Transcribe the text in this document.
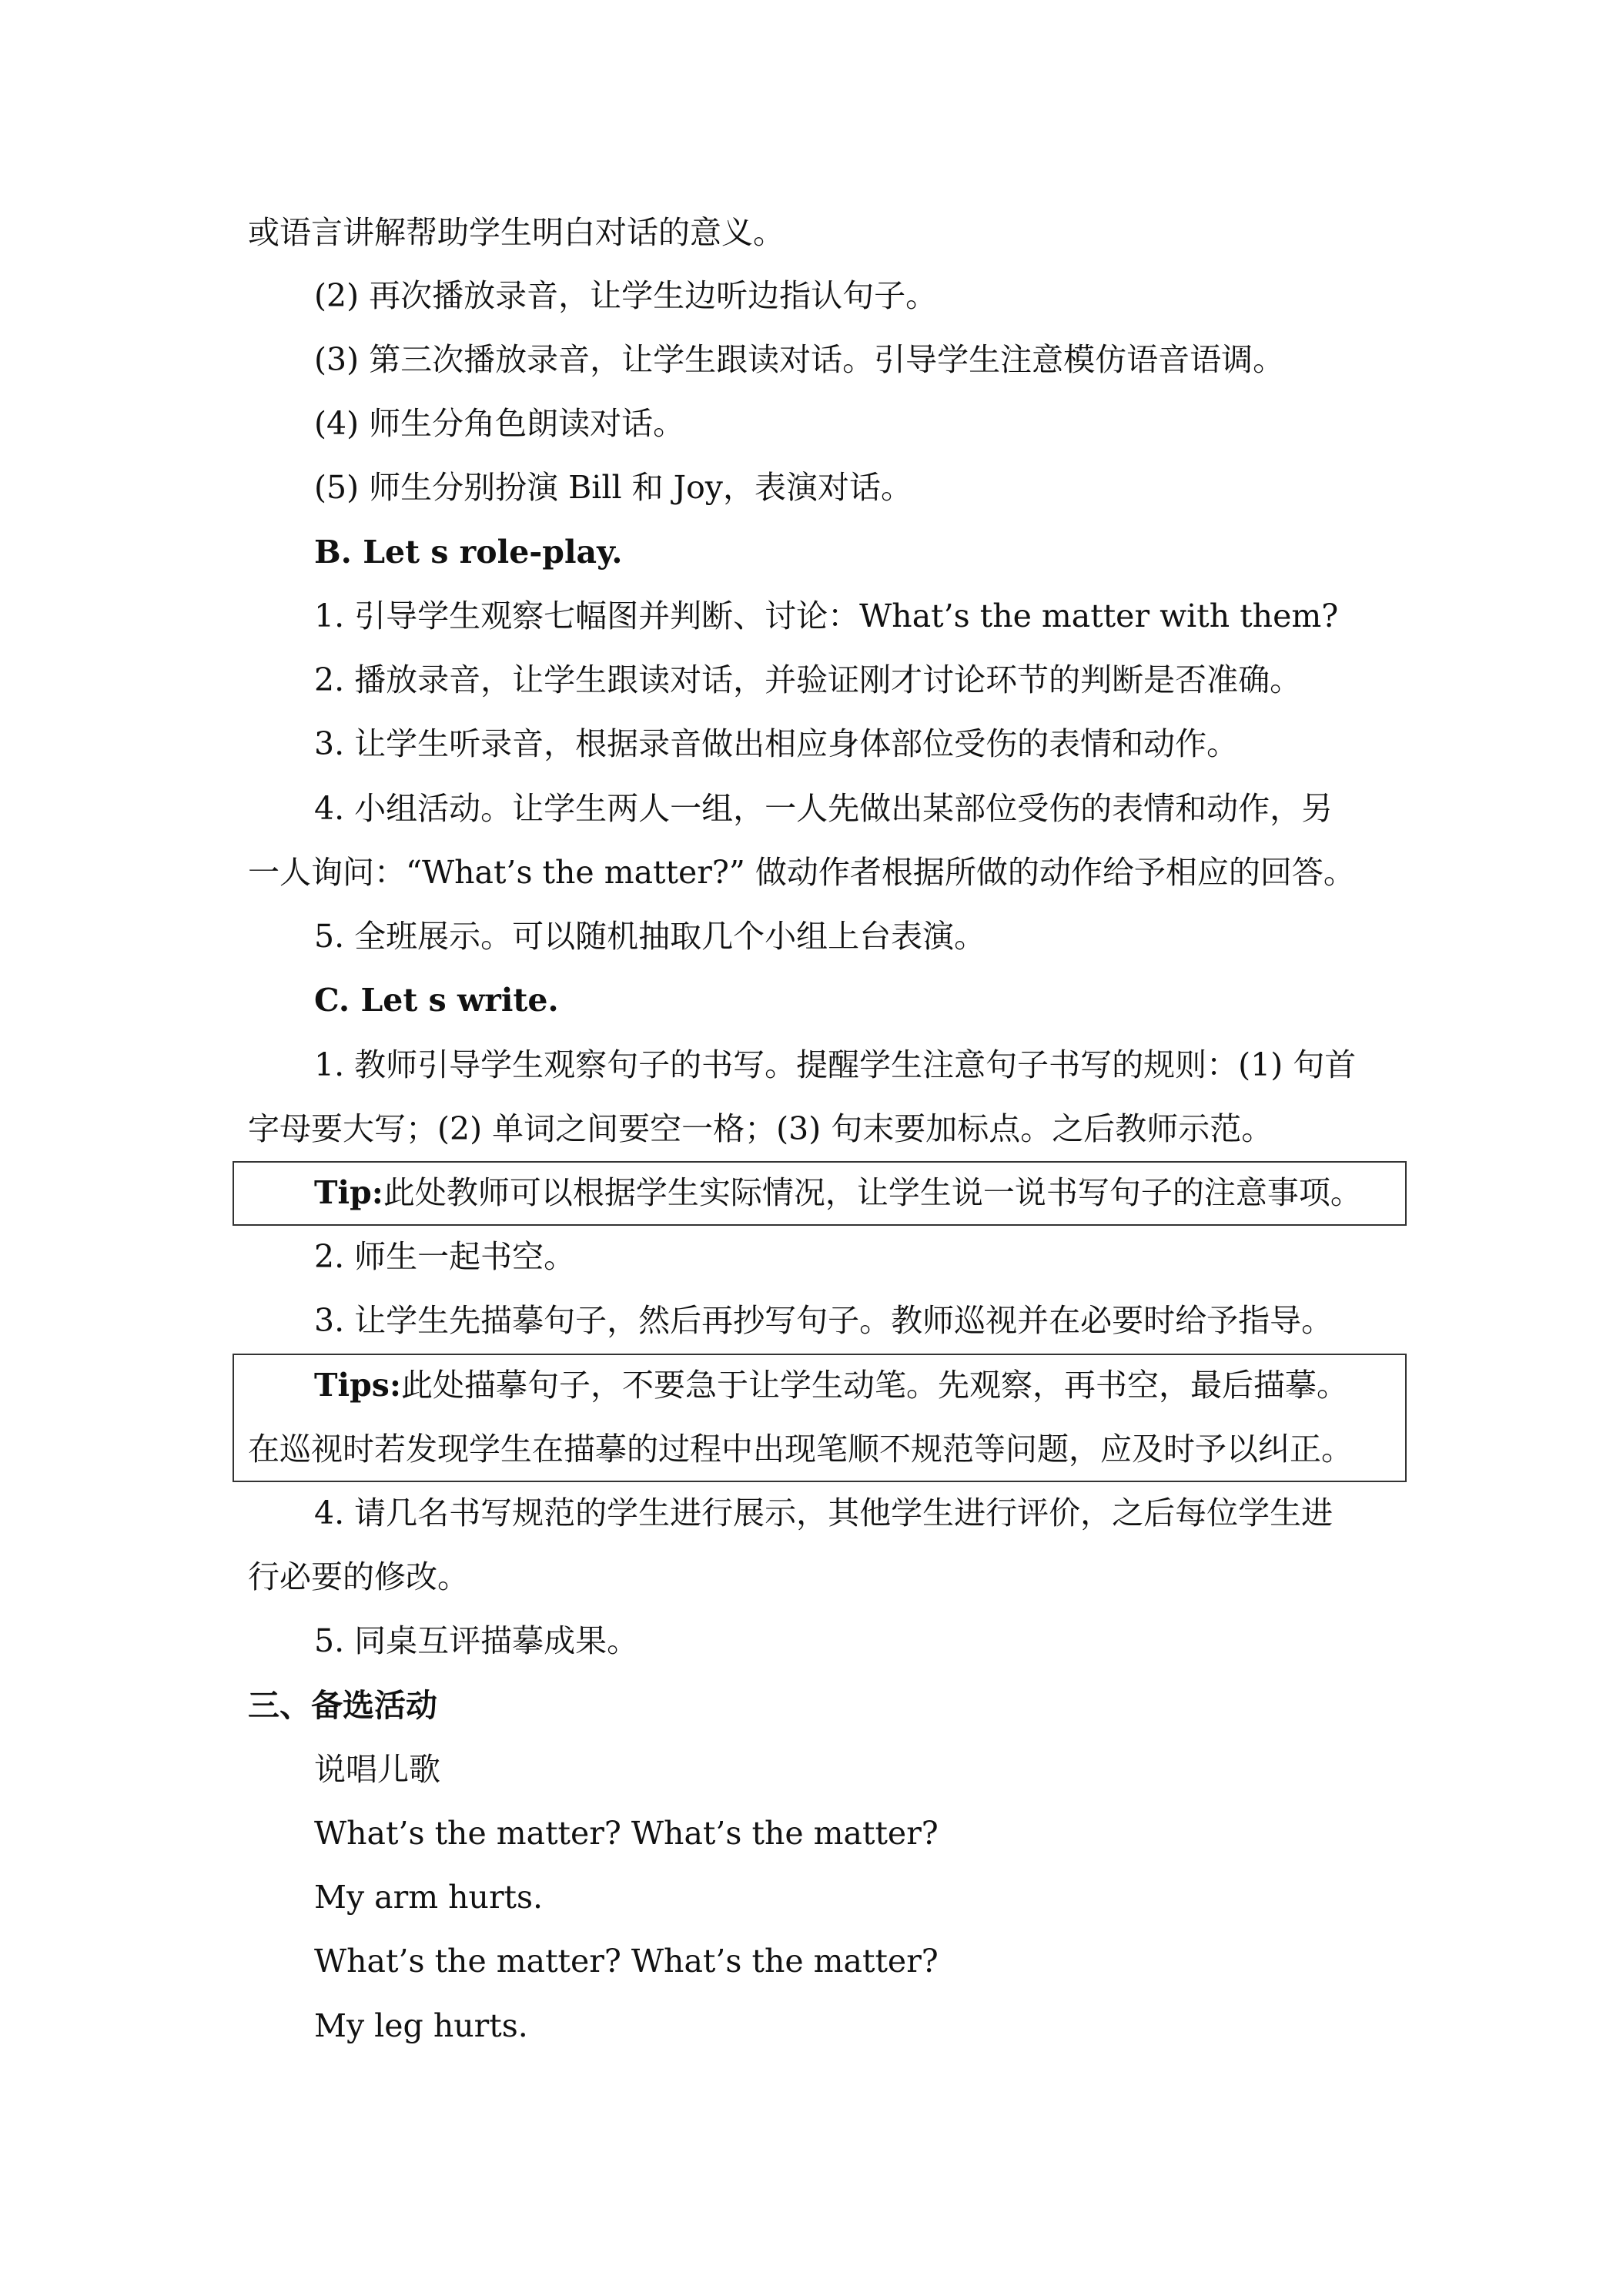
或语言讲解帮助学生明白对话的意义。

(2) 再次播放录音，让学生边听边指认句子。

(3) 第三次播放录音，让学生跟读对话。引导学生注意模仿语音语调。

(4) 师生分角色朗读对话。

(5) 师生分别扮演 Bill 和 Joy，表演对话。

B. Let s role-play.

1. 引导学生观察七幅图并判断、讨论：What’s the matter with them?

2. 播放录音，让学生跟读对话，并验证刚才讨论环节的判断是否准确。

3. 让学生听录音，根据录音做出相应身体部位受伤的表情和动作。

4. 小组活动。让学生两人一组，一人先做出某部位受伤的表情和动作，另

一人询问：“What’s the matter?” 做动作者根据所做的动作给予相应的回答。

5. 全班展示。可以随机抽取几个小组上台表演。

C. Let s write.

1. 教师引导学生观察句子的书写。提醒学生注意句子书写的规则：(1) 句首

字母要大写；(2) 单词之间要空一格；(3) 句末要加标点。之后教师示范。

Tip:此处教师可以根据学生实际情况，让学生说一说书写句子的注意事项。

2. 师生一起书空。

3. 让学生先描摹句子，然后再抄写句子。教师巡视并在必要时给予指导。

Tips:此处描摹句子，不要急于让学生动笔。先观察，再书空，最后描摹。

在巡视时若发现学生在描摹的过程中出现笔顺不规范等问题，应及时予以纠正。

4. 请几名书写规范的学生进行展示，其他学生进行评价，之后每位学生进

行必要的修改。

5. 同桌互评描摹成果。

三、备选活动

说唱儿歌

What’s the matter? What’s the matter?

My arm hurts.

What’s the matter? What’s the matter?

My leg hurts.
